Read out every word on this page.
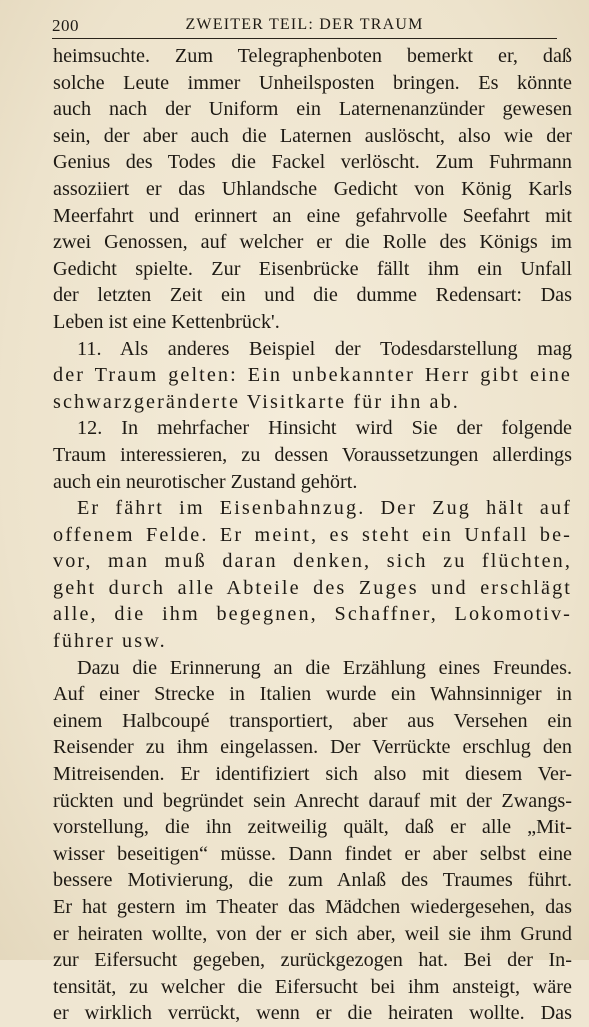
200	ZWEITER TEIL: DER TRAUM
heimsuchte. Zum Telegraphenboten bemerkt er, daß
solche Leute immer Unheilsposten bringen. Es könnte
auch nach der Uniform ein Laternenanzünder gewesen
sein, der aber auch die Laternen auslöscht, also wie der
Genius des Todes die Fackel verlöscht. Zum Fuhrmann
assoziiert er das Uhlandsche Gedicht von König Karls
Meerfahrt und erinnert an eine gefahrvolle Seefahrt mit
zwei Genossen, auf welcher er die Rolle des Königs im
Gedicht spielte. Zur Eisenbrücke fällt ihm ein Unfall
der letzten Zeit ein und die dumme Redensart: Das
Leben ist eine Kettenbrück'.
11. Als anderes Beispiel der Todesdarstellung mag
der Traum gelten: Ein unbekannter Herr gibt eine
schwarzgeränderte Visitkarte für ihn ab.
12. In mehrfacher Hinsicht wird Sie der folgende
Traum interessieren, zu dessen Voraussetzungen allerdings
auch ein neurotischer Zustand gehört.
Er fährt im Eisenbahnzug. Der Zug hält auf
offenem Felde. Er meint, es steht ein Unfall be-
vor, man muß daran denken, sich zu flüchten,
geht durch alle Abteile des Zuges und erschlägt
alle, die ihm begegnen, Schaffner, Lokomotiv-
führer usw.
Dazu die Erinnerung an die Erzählung eines Freundes.
Auf einer Strecke in Italien wurde ein Wahnsinniger in
einem Halbcoupé transportiert, aber aus Versehen ein
Reisender zu ihm eingelassen. Der Verrückte erschlug den
Mitreisenden. Er identifiziert sich also mit diesem Ver-
rückten und begründet sein Anrecht darauf mit der Zwangs-
vorstellung, die ihn zeitweilig quält, daß er alle „Mit-
wisser beseitigen“ müsse. Dann findet er aber selbst eine
bessere Motivierung, die zum Anlaß des Traumes führt.
Er hat gestern im Theater das Mädchen wiedergesehen, das
er heiraten wollte, von der er sich aber, weil sie ihm Grund
zur Eifersucht gegeben, zurückgezogen hat. Bei der In-
tensität, zu welcher die Eifersucht bei ihm ansteigt, wäre
er wirklich verrückt, wenn er die heiraten wollte. Das
